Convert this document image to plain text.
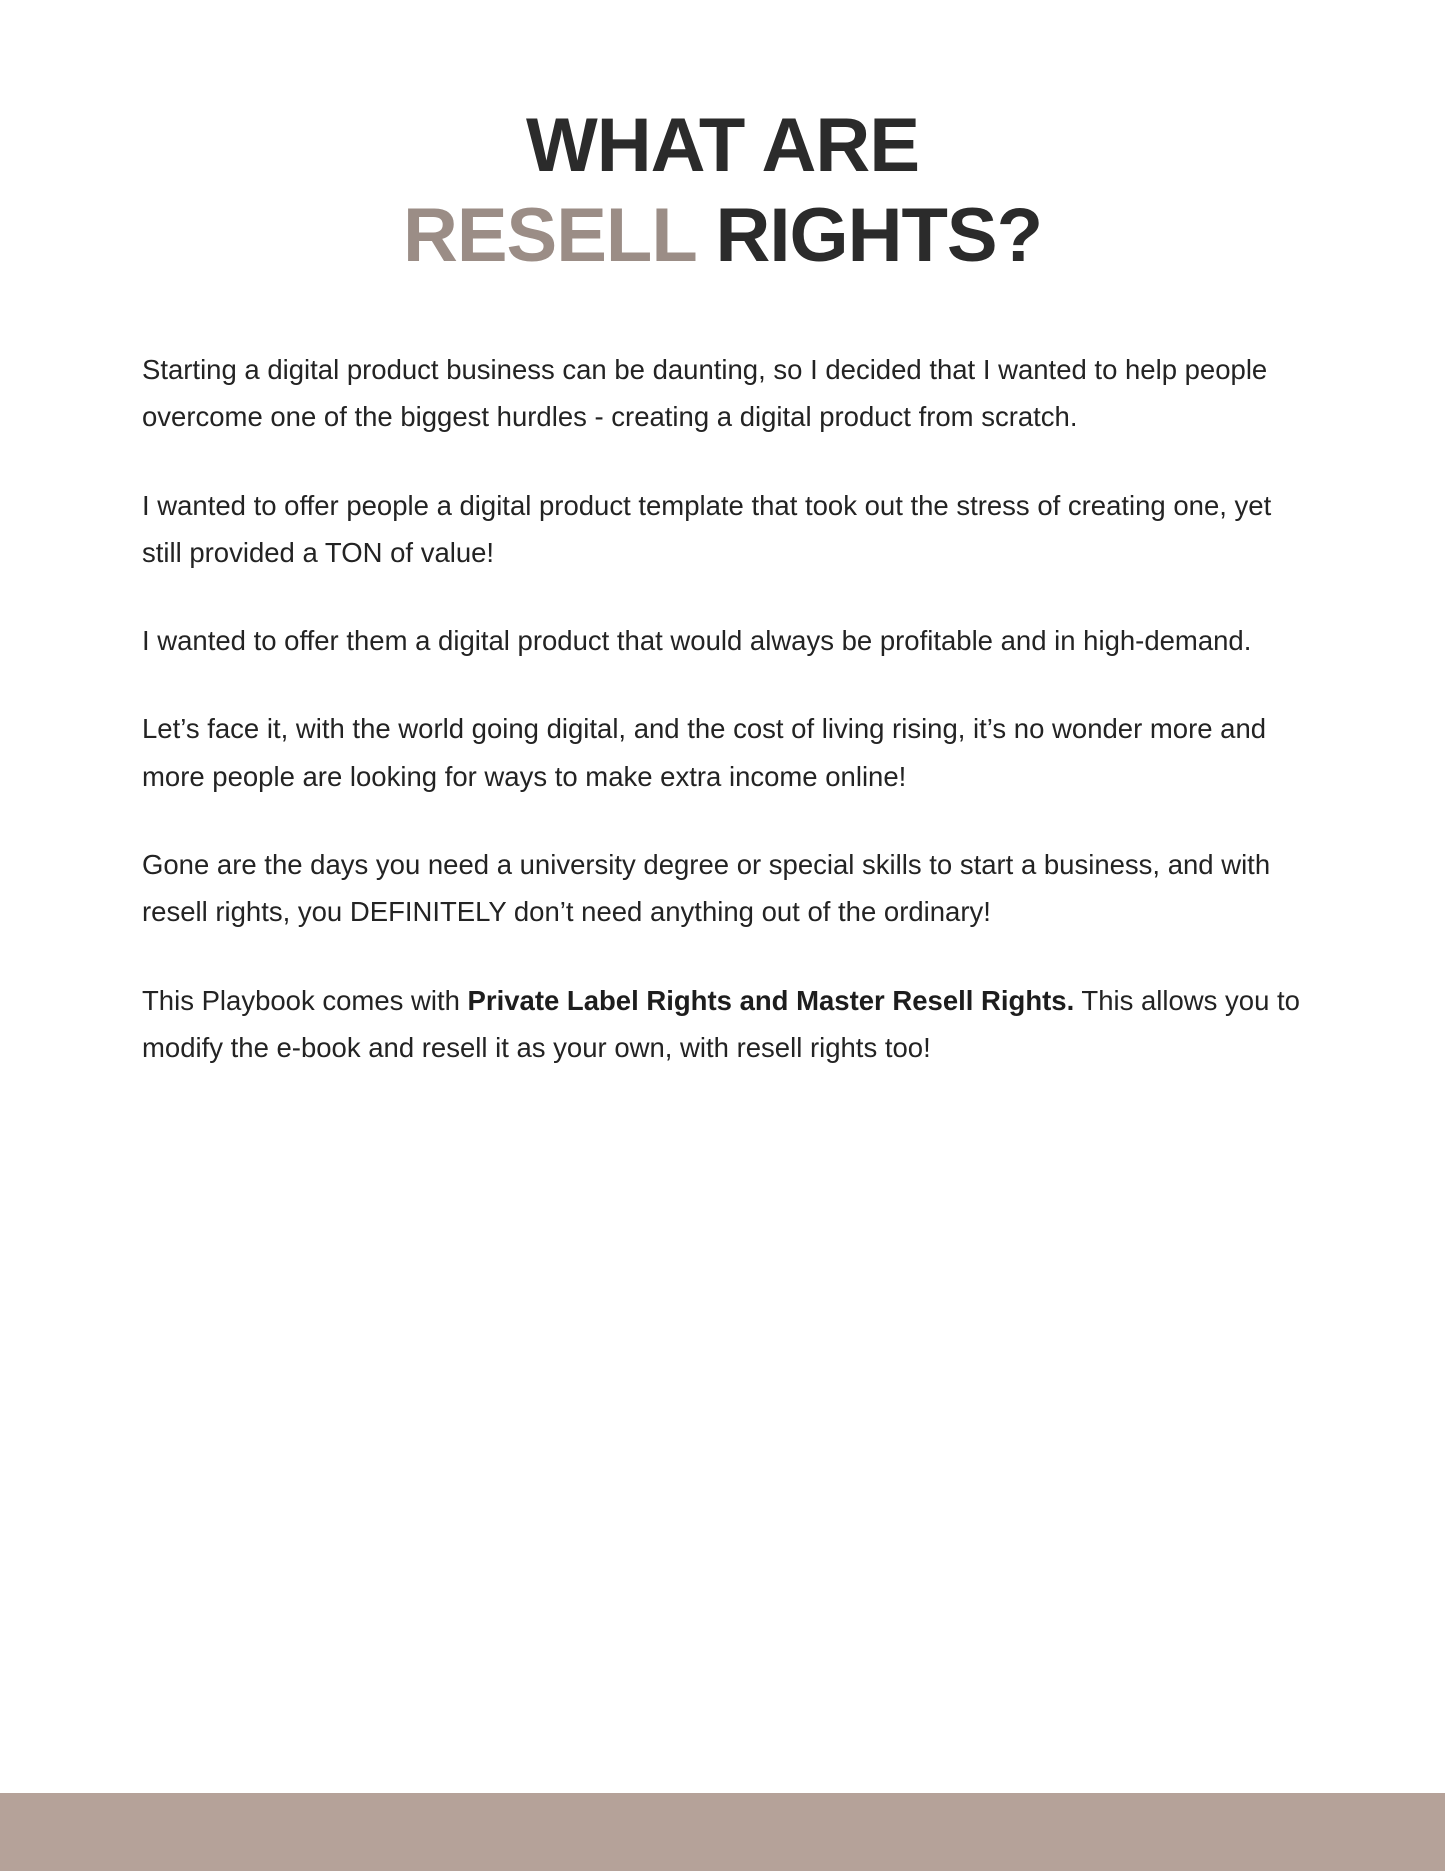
WHAT ARE
RESELL RIGHTS?

Starting a digital product business can be daunting, so I decided that I wanted to help people overcome one of the biggest hurdles - creating a digital product from scratch.

I wanted to offer people a digital product template that took out the stress of creating one, yet still provided a TON of value!

I wanted to offer them a digital product that would always be profitable and in high-demand.

Let’s face it, with the world going digital, and the cost of living rising, it’s no wonder more and more people are looking for ways to make extra income online!

Gone are the days you need a university degree or special skills to start a business, and with resell rights, you DEFINITELY don’t need anything out of the ordinary!

This Playbook comes with Private Label Rights and Master Resell Rights. This allows you to modify the e-book and resell it as your own, with resell rights too!
